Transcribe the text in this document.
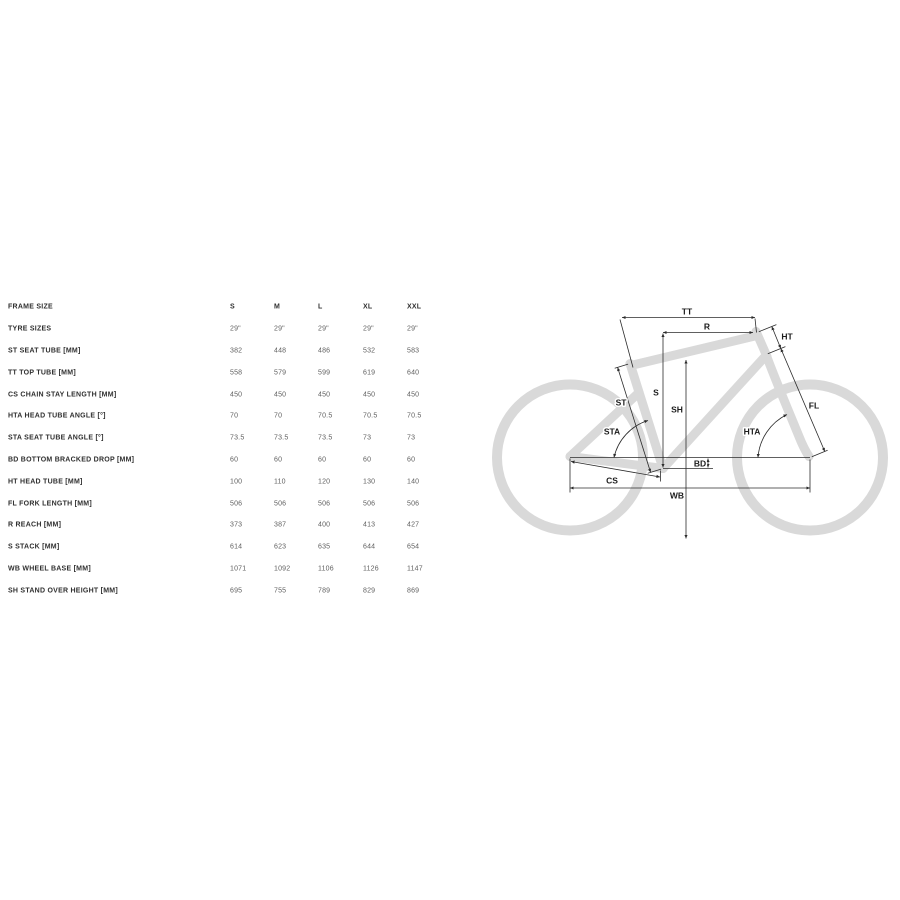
FRAME SIZE	S	M	L	XL	XXL
TYRE SIZES	29"	29"	29"	29"	29"
ST SEAT TUBE [MM]	382	448	486	532	583
TT TOP TUBE [MM]	558	579	599	619	640
CS CHAIN STAY LENGTH [MM]	450	450	450	450	450
HTA HEAD TUBE ANGLE [°]	70	70	70.5	70.5	70.5
STA SEAT TUBE ANGLE [°]	73.5	73.5	73.5	73	73
BD BOTTOM BRACKED DROP [MM]	60	60	60	60	60
HT HEAD TUBE [MM]	100	110	120	130	140
FL FORK LENGTH [MM]	506	506	506	506	506
R REACH [MM]	373	387	400	413	427
S STACK [MM]	614	623	635	644	654
WB WHEEL BASE [MM]	1071	1092	1106	1126	1147
SH STAND OVER HEIGHT [MM]	695	755	789	829	869
TT
R
HT
S
SH
ST
STA	HTA
FL
BD
CS
WB
